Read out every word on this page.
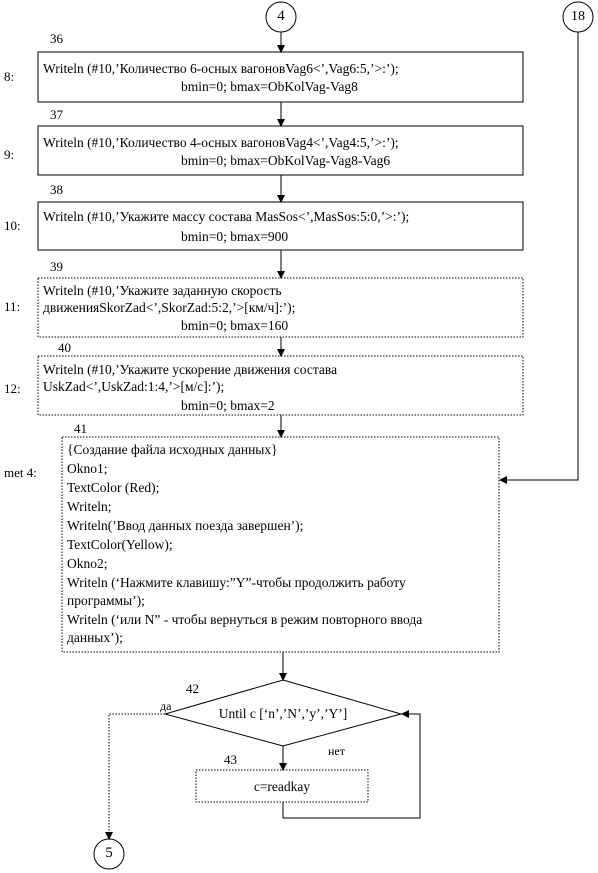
4	18
5
36
8:
Writeln (#10,’Количество 6-осных вагоновVag6<’,Vag6:5,’>:’);
bmin=0; bmax=ObKolVag-Vag8
37
9:
Writeln (#10,’Количество 4-осных вагоновVag4<’,Vag4:5,’>:’);
bmin=0; bmax=ObKolVag-Vag8-Vag6
38
10:
Writeln (#10,’Укажите массу состава MasSos<’,MasSos:5:0,’>:’);
bmin=0; bmax=900
39
11:
Writeln (#10,’Укажите заданную скорость
движенияSkorZad<’,SkorZad:5:2,’>[км/ч]:’);
bmin=0; bmax=160
40
12:
Writeln (#10,’Укажите ускорение движения состава
UskZad<’,UskZad:1:4,’>[м/с]:’);
bmin=0; bmax=2
41
met 4:
{Создание файла исходных данных}
Okno1;
TextColor (Red);
Writeln;
Writeln(’Ввод данных поезда завершен’);
TextColor(Yellow);
Okno2;
Writeln (‘Нажмите клавишу:”Y”-чтобы продолжить работу
программы’);
Writeln (‘или N” - чтобы вернуться в режим повторного ввода
данных’);
42
Until c [‘n’,’N’,’y’,’Y’]
да
нет
43
c=readkay
